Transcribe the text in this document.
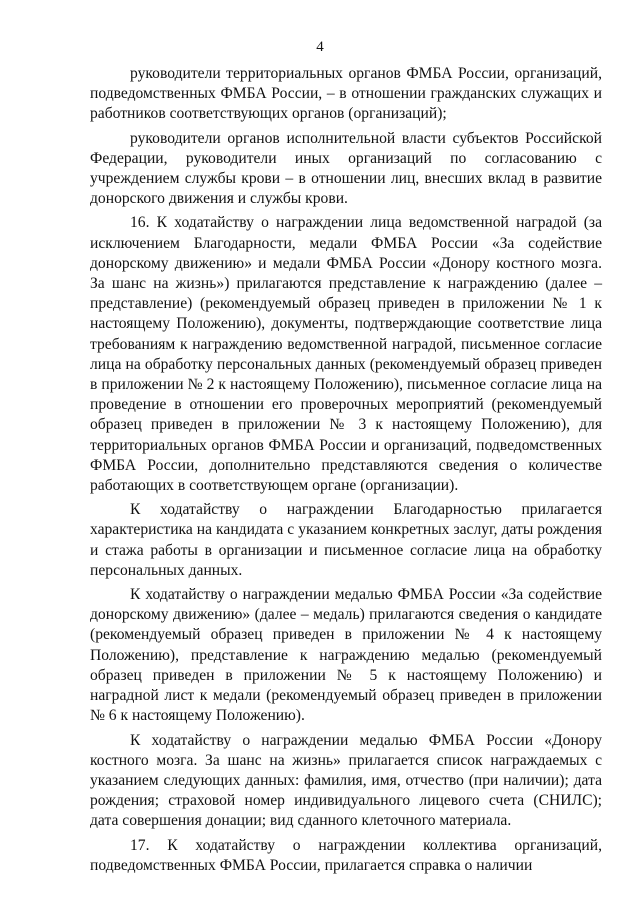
4

руководители территориальных органов ФМБА России, организаций, подведомственных ФМБА России, – в отношении гражданских служащих и работников соответствующих органов (организаций);

руководители органов исполнительной власти субъектов Российской Федерации, руководители иных организаций по согласованию с учреждением службы крови – в отношении лиц, внесших вклад в развитие донорского движения и службы крови.

16. К ходатайству о награждении лица ведомственной наградой (за исключением Благодарности, медали ФМБА России «За содействие донорскому движению» и медали ФМБА России «Донору костного мозга. За шанс на жизнь») прилагаются представление к награждению (далее – представление) (рекомендуемый образец приведен в приложении № 1 к настоящему Положению), документы, подтверждающие соответствие лица требованиям к награждению ведомственной наградой, письменное согласие лица на обработку персональных данных (рекомендуемый образец приведен в приложении № 2 к настоящему Положению), письменное согласие лица на проведение в отношении его проверочных мероприятий (рекомендуемый образец приведен в приложении № 3 к настоящему Положению), для территориальных органов ФМБА России и организаций, подведомственных ФМБА России, дополнительно представляются сведения о количестве работающих в соответствующем органе (организации).

К ходатайству о награждении Благодарностью прилагается характеристика на кандидата с указанием конкретных заслуг, даты рождения и стажа работы в организации и письменное согласие лица на обработку персональных данных.

К ходатайству о награждении медалью ФМБА России «За содействие донорскому движению» (далее – медаль) прилагаются сведения о кандидате (рекомендуемый образец приведен в приложении № 4 к настоящему Положению), представление к награждению медалью (рекомендуемый образец приведен в приложении № 5 к настоящему Положению) и наградной лист к медали (рекомендуемый образец приведен в приложении № 6 к настоящему Положению).

К ходатайству о награждении медалью ФМБА России «Донору костного мозга. За шанс на жизнь» прилагается список награждаемых с указанием следующих данных: фамилия, имя, отчество (при наличии); дата рождения; страховой номер индивидуального лицевого счета (СНИЛС); дата совершения донации; вид сданного клеточного материала.

17. К ходатайству о награждении коллектива организаций, подведомственных ФМБА России, прилагается справка о наличии
